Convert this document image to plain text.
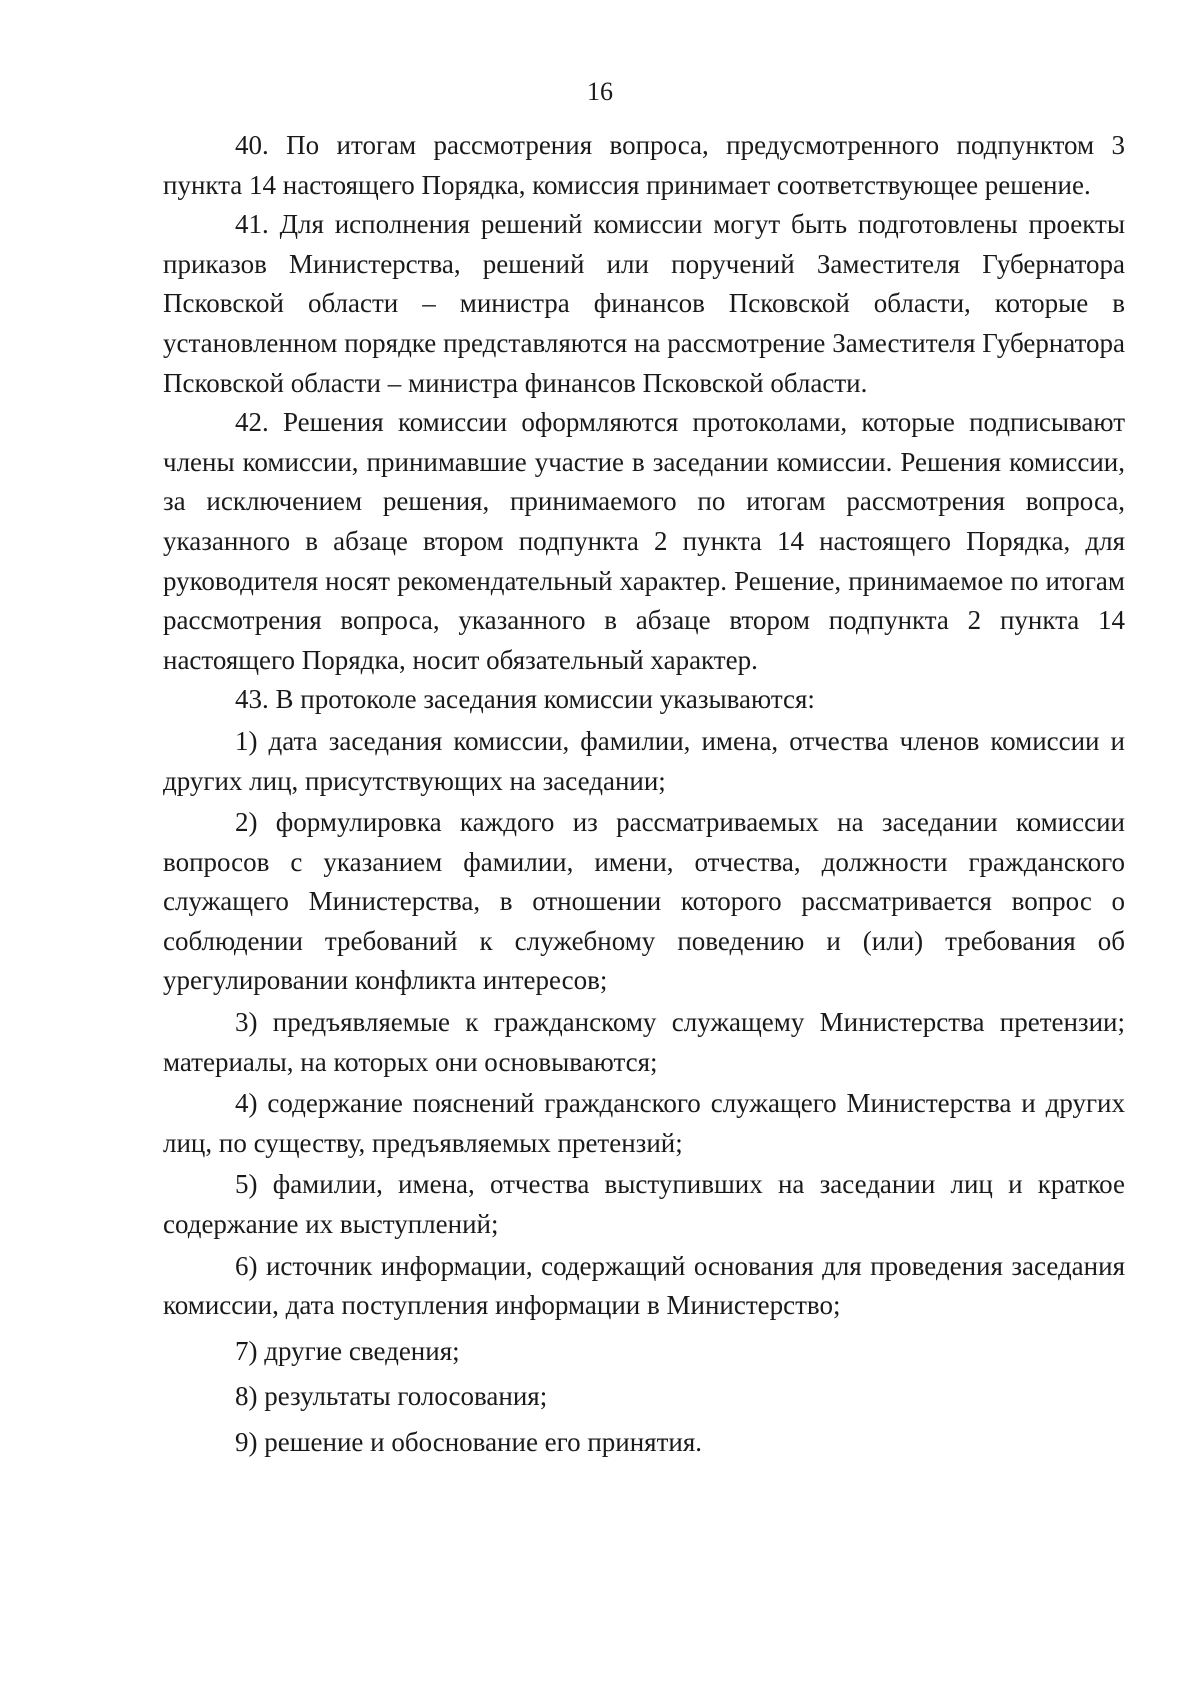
16

40. По итогам рассмотрения вопроса, предусмотренного подпунктом 3 пункта 14 настоящего Порядка, комиссия принимает соответствующее решение.

41. Для исполнения решений комиссии могут быть подготовлены проекты приказов Министерства, решений или поручений Заместителя Губернатора Псковской области – министра финансов Псковской области, которые в установленном порядке представляются на рассмотрение Заместителя Губернатора Псковской области – министра финансов Псковской области.

42. Решения комиссии оформляются протоколами, которые подписывают члены комиссии, принимавшие участие в заседании комиссии. Решения комиссии, за исключением решения, принимаемого по итогам рассмотрения вопроса, указанного в абзаце втором подпункта 2 пункта 14 настоящего Порядка, для руководителя носят рекомендательный характер. Решение, принимаемое по итогам рассмотрения вопроса, указанного в абзаце втором подпункта 2 пункта 14 настоящего Порядка, носит обязательный характер.

43. В протоколе заседания комиссии указываются:

1) дата заседания комиссии, фамилии, имена, отчества членов комиссии и других лиц, присутствующих на заседании;

2) формулировка каждого из рассматриваемых на заседании комиссии вопросов с указанием фамилии, имени, отчества, должности гражданского служащего Министерства, в отношении которого рассматривается вопрос о соблюдении требований к служебному поведению и (или) требования об урегулировании конфликта интересов;

3) предъявляемые к гражданскому служащему Министерства претензии; материалы, на которых они основываются;

4) содержание пояснений гражданского служащего Министерства и других лиц, по существу, предъявляемых претензий;

5) фамилии, имена, отчества выступивших на заседании лиц и краткое содержание их выступлений;

6) источник информации, содержащий основания для проведения заседания комиссии, дата поступления информации в Министерство;

7) другие сведения;

8) результаты голосования;

9) решение и обоснование его принятия.
